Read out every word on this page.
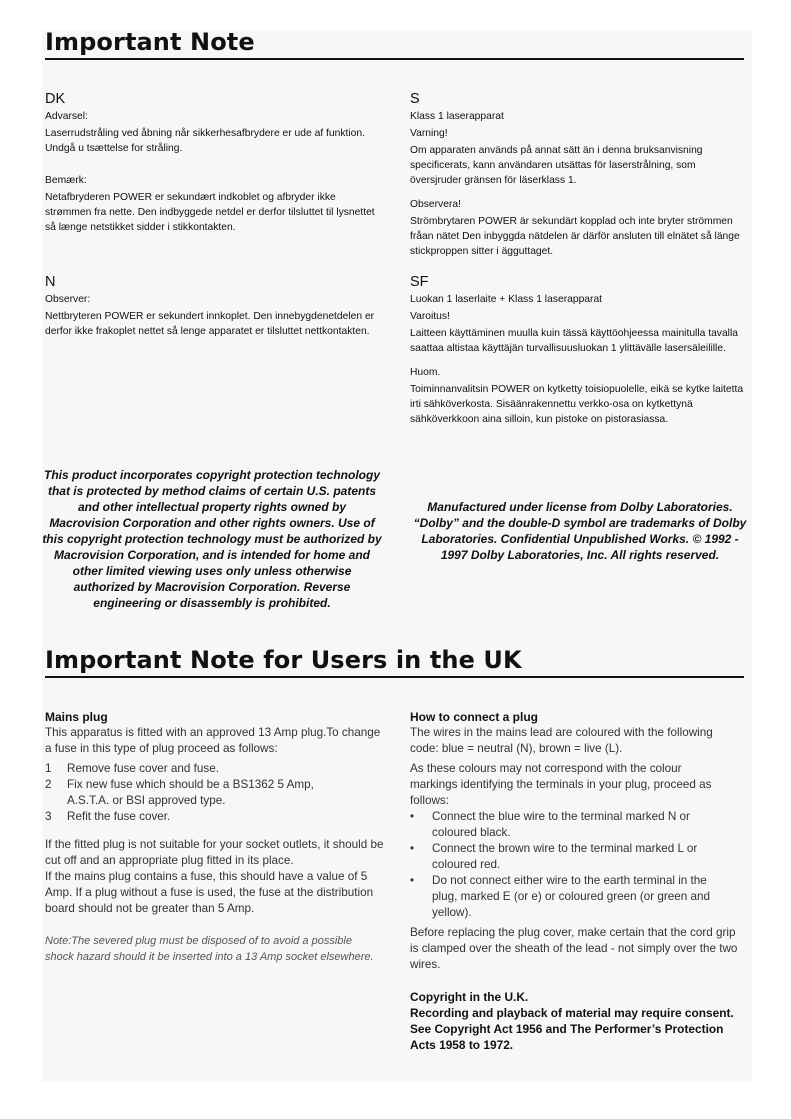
Important Note
DK

Advarsel:

Laserrudstråling ved åbning når sikkerhesafbrydere er ude af funktion. Undgå u tsættelse for stråling.

Bemærk:

Netafbryderen POWER er sekundært indkoblet og afbryder ikke strømmen fra nette. Den indbyggede netdel er derfor tilsluttet til lysnettet så længe netstikket sidder i stikkontakten.

S

Klass 1 laserapparat

Varning!

Om apparaten används på annat sätt än i denna bruksanvisning specificerats, kann användaren utsättas för laserstrålning, som översjruder gränsen för läserklass 1.

Observera!

Strömbrytaren POWER är sekundärt kopplad och inte bryter strömmen fråan nätet Den inbyggda nätdelen är därför ansluten till elnätet så länge stickproppen sitter i ägguttaget.

N

Observer:

Nettbryteren POWER er sekundert innkoplet. Den innebygdenetdelen er derfor ikke frakoplet nettet så lenge apparatet er tilsluttet nettkontakten.

SF

Luokan 1 laserlaite + Klass 1 laserapparat

Varoitus!

Laitteen käyttäminen muulla kuin tässä käyttöohjeessa mainitulla tavalla saattaa altistaa käyttäjän turvallisuusluokan 1 ylittävälle lasersäleilille.

Huom.

Toiminnanvalitsin POWER on kytketty toisiopuolelle, eikä se kytke laitetta irti sähköverkosta. Sisäänrakennettu verkko-osa on kytkettynä sähköverkkoon aina silloin, kun pistoke on pistorasiassa.

This product incorporates copyright protection technology that is protected by method claims of certain U.S. patents and other intellectual property rights owned by Macrovision Corporation and other rights owners. Use of this copyright protection technology must be authorized by Macrovision Corporation, and is intended for home and other limited viewing uses only unless otherwise authorized by Macrovision Corporation. Reverse engineering or disassembly is prohibited.
Manufactured under license from Dolby Laboratories. “Dolby” and the double-D symbol are trademarks of Dolby Laboratories. Confidential Unpublished Works. © 1992 - 1997 Dolby Laboratories, Inc. All rights reserved.
Important Note for Users in the UK
Mains plug
This apparatus is fitted with an approved 13 Amp plug.To change a fuse in this type of plug proceed as follows:
1 Remove fuse cover and fuse.
2 Fix new fuse which should be a BS1362 5 Amp, A.S.T.A. or BSI approved type.
3 Refit the fuse cover.
If the fitted plug is not suitable for your socket outlets, it should be cut off and an appropriate plug fitted in its place.
If the mains plug contains a fuse, this should have a value of 5 Amp. If a plug without a fuse is used, the fuse at the distribution board should not be greater than 5 Amp.
Note:The severed plug must be disposed of to avoid a possible shock hazard should it be inserted into a 13 Amp socket elsewhere.
How to connect a plug
The wires in the mains lead are coloured with the following code: blue = neutral (N), brown = live (L).
As these colours may not correspond with the colour markings identifying the terminals in your plug, proceed as follows:
• Connect the blue wire to the terminal marked N or coloured black.
• Connect the brown wire to the terminal marked L or coloured red.
• Do not connect either wire to the earth terminal in the plug, marked E (or e) or coloured green (or green and yellow).
Before replacing the plug cover, make certain that the cord grip is clamped over the sheath of the lead - not simply over the two wires.
Copyright in the U.K.
Recording and playback of material may require consent. See Copyright Act 1956 and The Performer’s Protection Acts 1958 to 1972.
